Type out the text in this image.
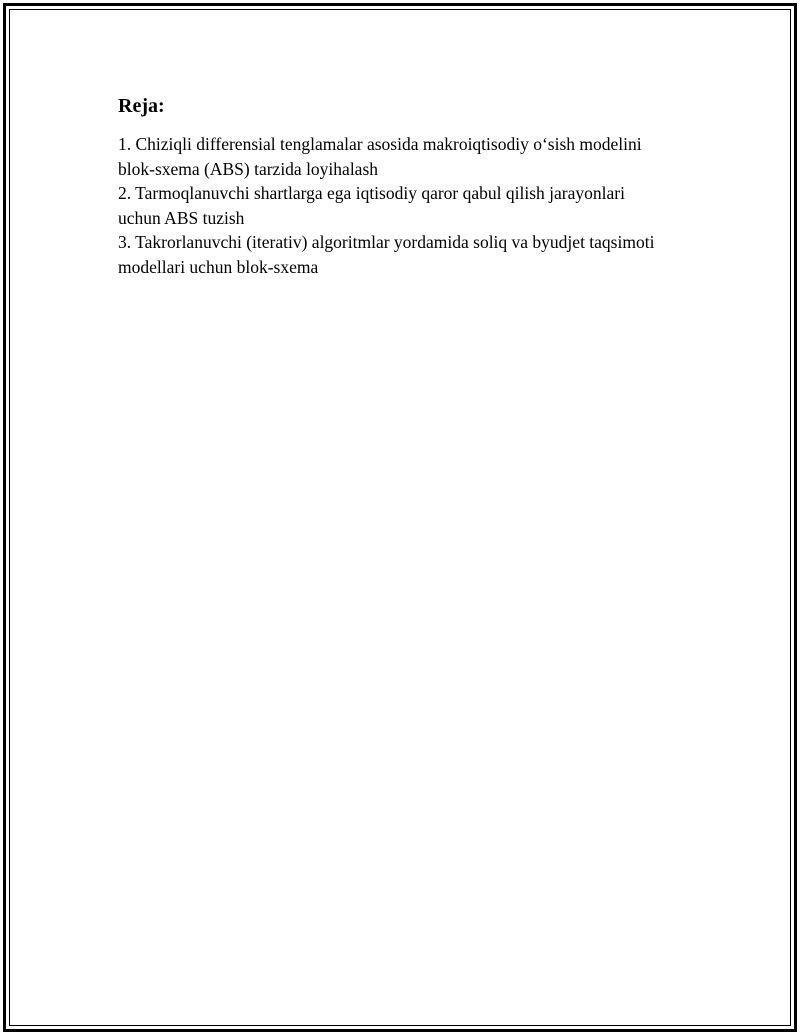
Reja:
1. Chiziqli differensial tenglamalar asosida makroiqtisodiy o‘sish modelini
blok-sxema (ABS) tarzida loyihalash
2. Tarmoqlanuvchi shartlarga ega iqtisodiy qaror qabul qilish jarayonlari
uchun ABS tuzish
3. Takrorlanuvchi (iterativ) algoritmlar yordamida soliq va byudjet taqsimoti
modellari uchun blok-sxema
